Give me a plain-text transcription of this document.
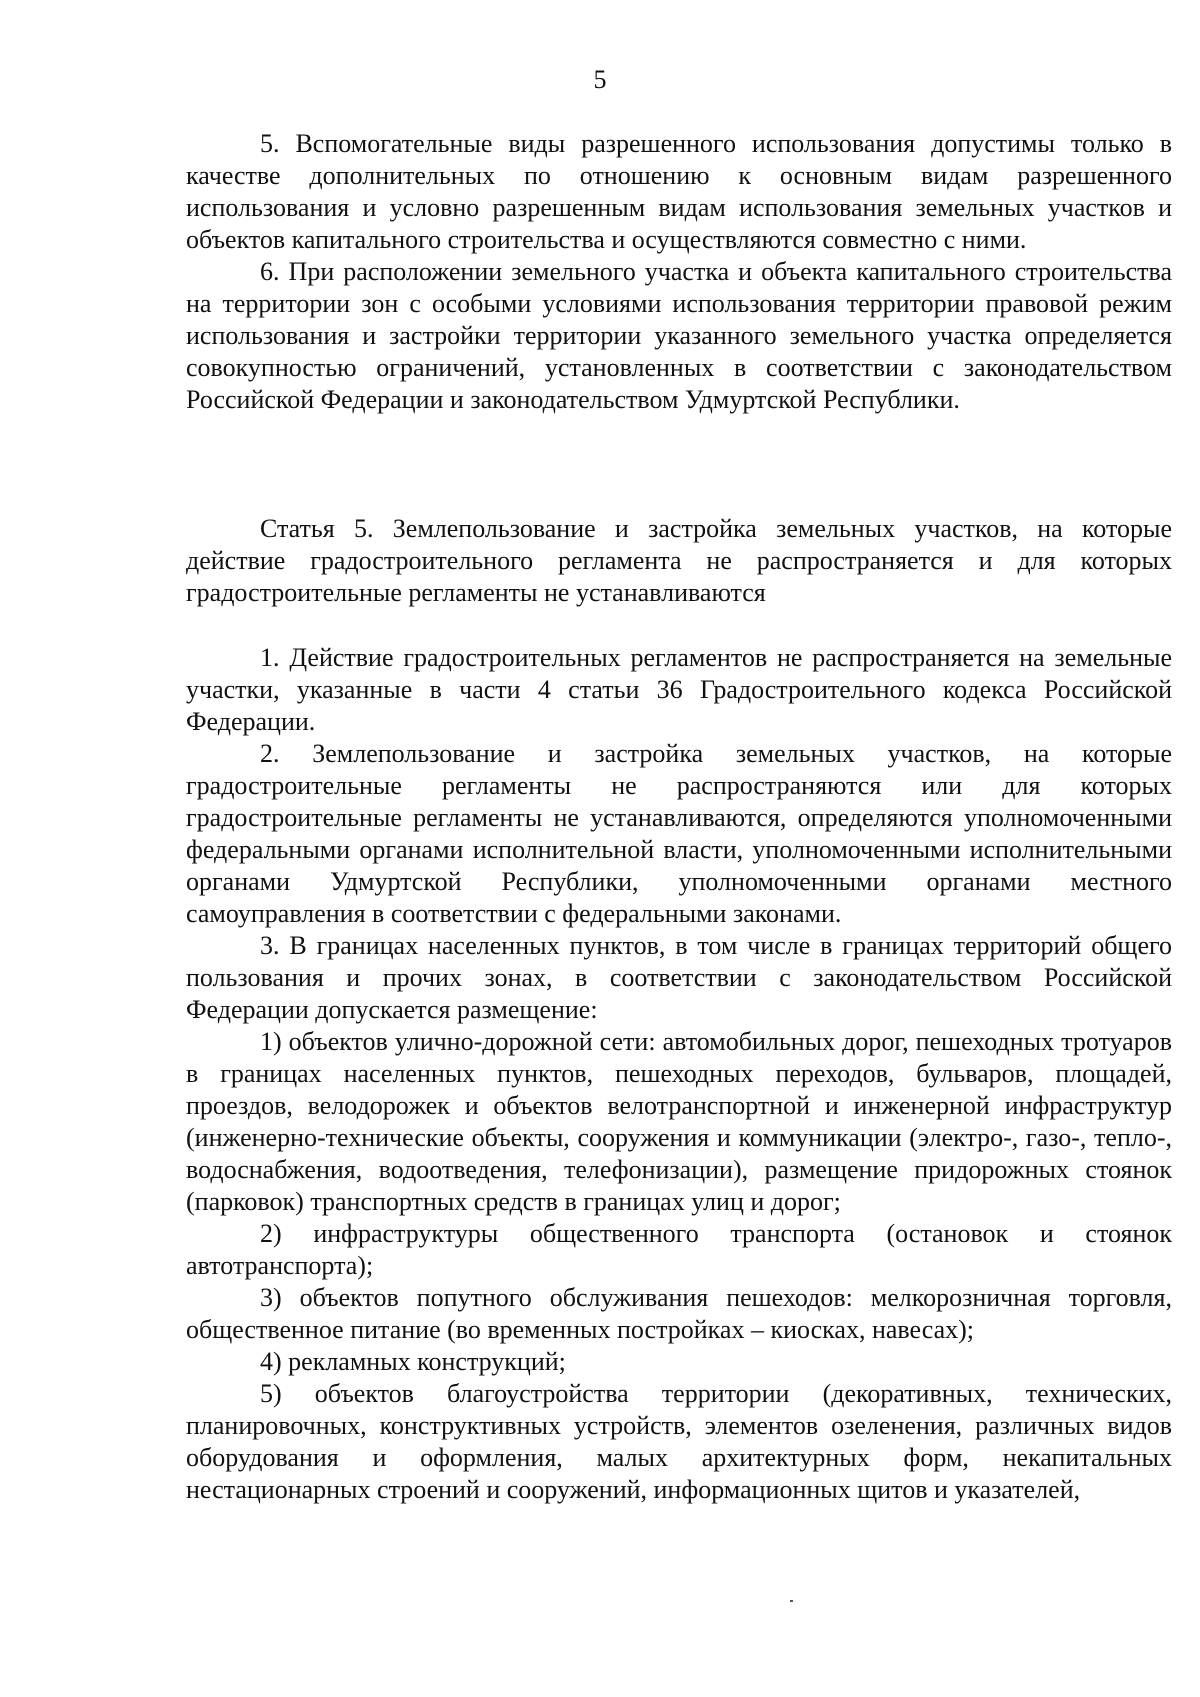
5

5. Вспомогательные виды разрешенного использования допустимы только в качестве дополнительных по отношению к основным видам разрешенного использования и условно разрешенным видам использования земельных участков и объектов капитального строительства и осуществляются совместно с ними.

6. При расположении земельного участка и объекта капитального строительства на территории зон с особыми условиями использования территории правовой режим использования и застройки территории указанного земельного участка определяется совокупностью ограничений, установленных в соответствии с законодательством Российской Федерации и законодательством Удмуртской Республики.

Статья 5. Землепользование и застройка земельных участков, на которые действие градостроительного регламента не распространяется и для которых градостроительные регламенты не устанавливаются

1. Действие градостроительных регламентов не распространяется на земельные участки, указанные в части 4 статьи 36 Градостроительного кодекса Российской Федерации.

2. Землепользование и застройка земельных участков, на которые градостроительные регламенты не распространяются или для которых градостроительные регламенты не устанавливаются, определяются уполномоченными федеральными органами исполнительной власти, уполномоченными исполнительными органами Удмуртской Республики, уполномоченными органами местного самоуправления в соответствии с федеральными законами.

3. В границах населенных пунктов, в том числе в границах территорий общего пользования и прочих зонах, в соответствии с законодательством Российской Федерации допускается размещение:

1) объектов улично-дорожной сети: автомобильных дорог, пешеходных тротуаров в границах населенных пунктов, пешеходных переходов, бульваров, площадей, проездов, велодорожек и объектов велотранспортной и инженерной инфраструктур (инженерно-технические объекты, сооружения и коммуникации (электро-, газо-, тепло-, водоснабжения, водоотведения, телефонизации), размещение придорожных стоянок (парковок) транспортных средств в границах улиц и дорог;

2) инфраструктуры общественного транспорта (остановок и стоянок автотранспорта);

3) объектов попутного обслуживания пешеходов: мелкорозничная торговля, общественное питание (во временных постройках – киосках, навесах);

4) рекламных конструкций;

5) объектов благоустройства территории (декоративных, технических, планировочных, конструктивных устройств, элементов озеленения, различных видов оборудования и оформления, малых архитектурных форм, некапитальных нестационарных строений и сооружений, информационных щитов и указателей,
